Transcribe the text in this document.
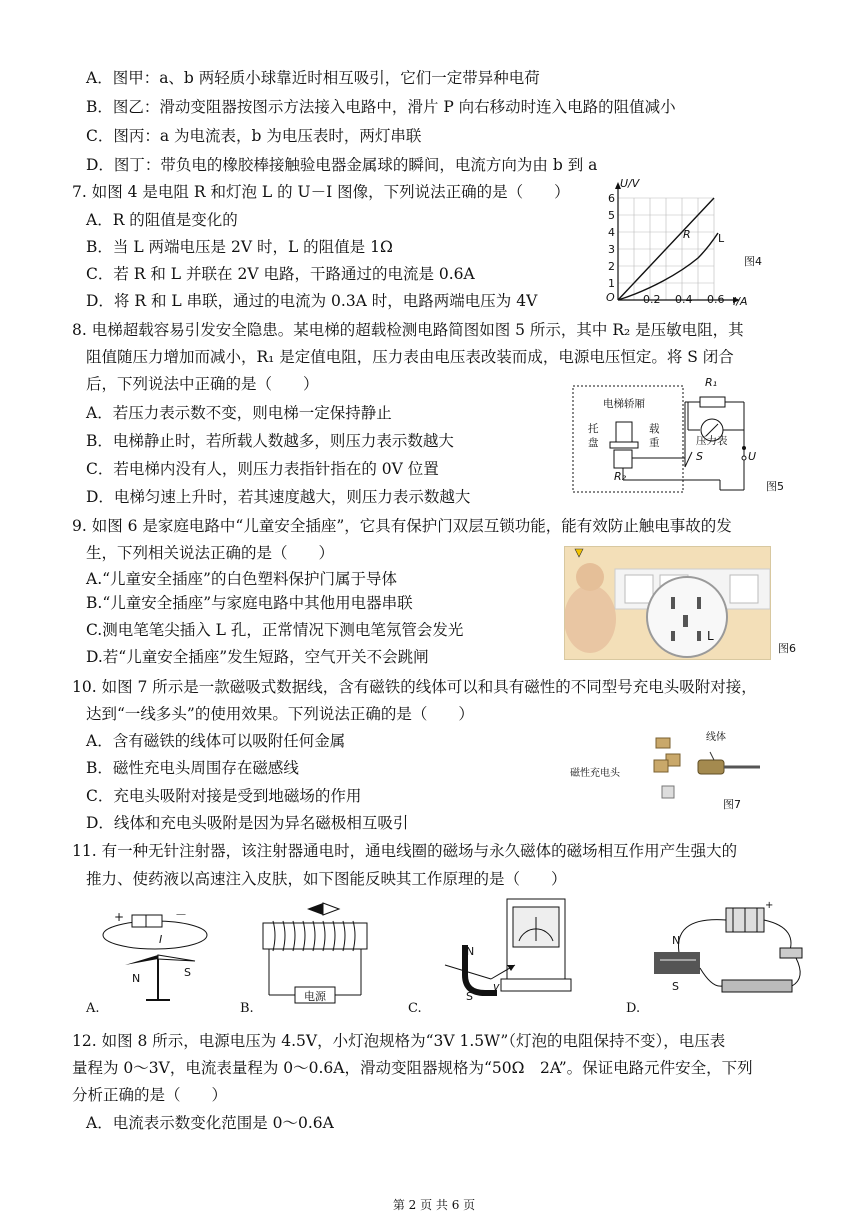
A．图甲：a、b 两轻质小球靠近时相互吸引，它们一定带异种电荷
B．图乙：滑动变阻器按图示方法接入电路中，滑片 P 向右移动时连入电路的阻值减小
C．图丙：a 为电流表，b 为电压表时，两灯串联
D．图丁：带负电的橡胶棒接触验电器金属球的瞬间，电流方向为由 b 到 a
7. 如图 4 是电阻 R 和灯泡 L 的 U－I 图像，下列说法正确的是（　　）
A．R 的阻值是变化的
B．当 L 两端电压是 2V 时，L 的阻值是 1Ω
C．若 R 和 L 并联在 2V 电路，干路通过的电流是 0.6A
D．将 R 和 L 串联，通过的电流为 0.3A 时，电路两端电压为 4V
U/V
I/A
O
6
5
4
3
2
1
0.2 0.4 0.6
R L
图4
8. 电梯超载容易引发安全隐患。某电梯的超载检测电路简图如图 5 所示，其中 R₂ 是压敏电阻，其
阻值随压力增加而减小，R₁ 是定值电阻，压力表由电压表改装而成，电源电压恒定。将 S 闭合
后，下列说法中正确的是（　　）
A．若压力表示数不变，则电梯一定保持静止
B．电梯静止时，若所载人数越多，则压力表示数越大
C．若电梯内没有人，则压力表指针指在的 0V 位置
D．电梯匀速上升时，若其速度越大，则压力表示数越大
电梯轿厢
托
盘
载
重
R₁
R₂
压力表
S	U
图5
9. 如图 6 是家庭电路中“儿童安全插座”，它具有保护门双层互锁功能，能有效防止触电事故的发
生，下列相关说法正确的是（　　）
A.“儿童安全插座”的白色塑料保护门属于导体
B.“儿童安全插座”与家庭电路中其他用电器串联
C.测电笔笔尖插入 L 孔，正常情况下测电笔氖管会发光
D.若“儿童安全插座”发生短路，空气开关不会跳闸
L
图6
10. 如图 7 所示是一款磁吸式数据线，含有磁铁的线体可以和具有磁性的不同型号充电头吸附对接，
达到“一线多头”的使用效果。下列说法正确的是（　　）
A．含有磁铁的线体可以吸附任何金属
B．磁性充电头周围存在磁感线
C．充电头吸附对接是受到地磁场的作用
D．线体和充电头吸附是因为异名磁极相互吸引
线体
磁性充电头
图7
11. 有一种无针注射器，该注射器通电时，通电线圈的磁场与永久磁体的磁场相互作用产生强大的
推力、使药液以高速注入皮肤，如下图能反映其工作原理的是（　　）
+	－
I
N	S
A.
电源
B.
N
S
v
C.
N
S
+
D.
12. 如图 8 所示，电源电压为 4.5V，小灯泡规格为“3V 1.5W”（灯泡的电阻保持不变），电压表
量程为 0～3V，电流表量程为 0～0.6A，滑动变阻器规格为“50Ω　2A”。保证电路元件安全，下列
分析正确的是（　　）
A．电流表示数变化范围是 0～0.6A
第 2 页 共 6 页
